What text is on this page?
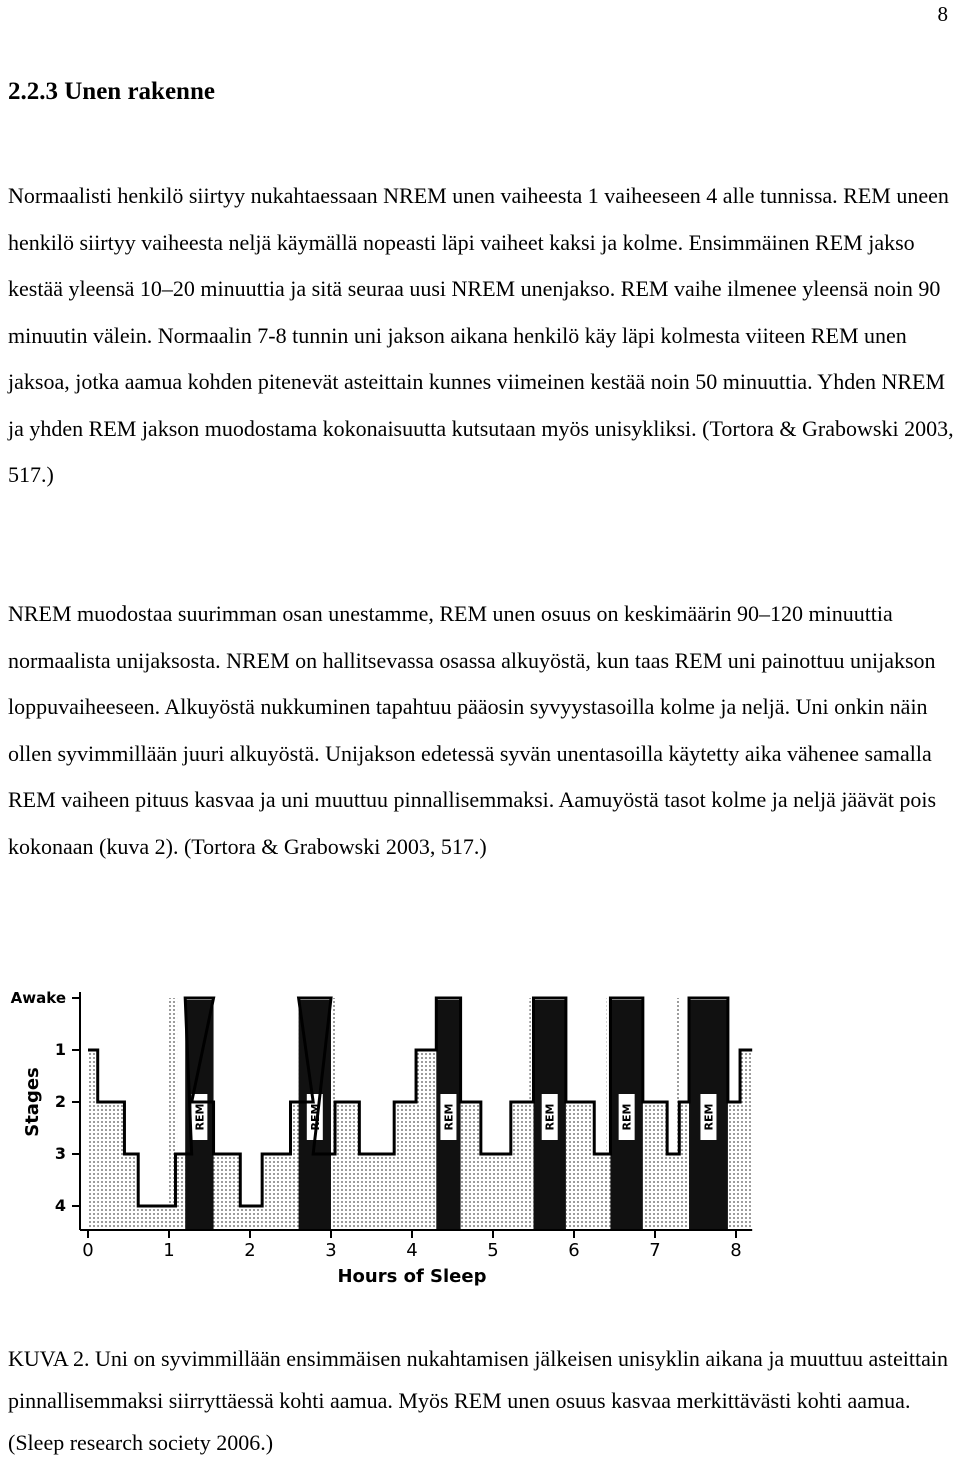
8
2.2.3 Unen rakenne

Normaalisti henkilö siirtyy nukahtaessaan NREM unen vaiheesta 1 vaiheeseen 4 alle tunnissa. REM uneen henkilö siirtyy vaiheesta neljä käymällä nopeasti läpi vaiheet kaksi ja kolme. Ensimmäinen REM jakso kestää yleensä 10–20 minuuttia ja sitä seuraa uusi NREM unenjakso. REM vaihe ilmenee yleensä noin 90 minuutin välein. Normaalin 7-8 tunnin uni jakson aikana henkilö käy läpi kolmesta viiteen REM unen jaksoa, jotka aamua kohden pitenevät asteittain kunnes viimeinen kestää noin 50 minuuttia. Yhden NREM ja yhden REM jakson muodostama kokonaisuutta kutsutaan myös unisykliksi. (Tortora & Grabowski 2003, 517.)

NREM muodostaa suurimman osan unestamme, REM unen osuus on keskimäärin 90–120 minuuttia normaalista unijaksosta. NREM on hallitsevassa osassa alkuyöstä, kun taas REM uni painottuu unijakson loppuvaiheeseen. Alkuyöstä nukkuminen tapahtuu pääosin syvyystasoilla kolme ja neljä. Uni onkin näin ollen syvimmillään juuri alkuyöstä. Unijakson edetessä syvän unentasoilla käytetty aika vähenee samalla REM vaiheen pituus kasvaa ja uni muuttuu pinnallisemmaksi. Aamuyöstä tasot kolme ja neljä jäävät pois kokonaan (kuva 2). (Tortora & Grabowski 2003, 517.)

REM	REM	REM	REM	REM	REM
Awake
1
2
3
4
0	1	2	3	4	5	6	7	8
Hours of Sleep
Stages

KUVA 2. Uni on syvimmillään ensimmäisen nukahtamisen jälkeisen unisyklin aikana ja muuttuu asteittain pinnallisemmaksi siirryttäessä kohti aamua. Myös REM unen osuus kasvaa merkittävästi kohti aamua. (Sleep research society 2006.)
